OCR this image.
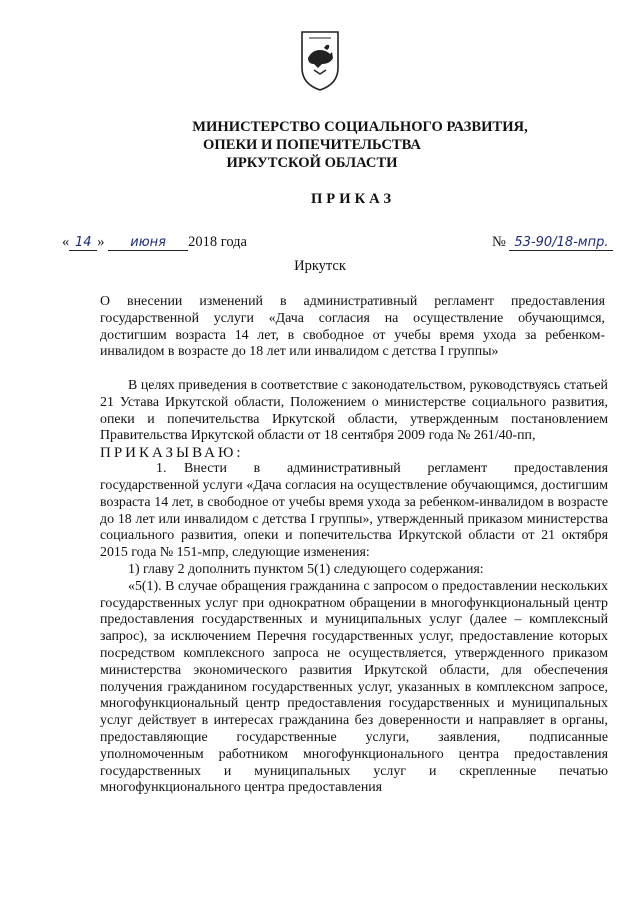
МИНИСТЕРСТВО СОЦИАЛЬНОГО РАЗВИТИЯ,
ОПЕКИ И ПОПЕЧИТЕЛЬСТВА
ИРКУТСКОЙ ОБЛАСТИ
ПРИКАЗ
« 14 » июня 2018 года	№ 53-90/18-мпр.
Иркутск
О внесении изменений в административный регламент предоставления государственной услуги «Дача согласия на осуществление обучающимся, достигшим возраста 14 лет, в свободное от учебы время ухода за ребенком-инвалидом в возрасте до 18 лет или инвалидом с детства I группы»

В целях приведения в соответствие с законодательством, руководствуясь статьей 21 Устава Иркутской области, Положением о министерстве социального развития, опеки и попечительства Иркутской области, утвержденным постановлением Правительства Иркутской области от 18 сентября 2009 года № 261/40-пп,

ПРИКАЗЫВАЮ:

1. Внести в административный регламент предоставления государственной услуги «Дача согласия на осуществление обучающимся, достигшим возраста 14 лет, в свободное от учебы время ухода за ребенком-инвалидом в возрасте до 18 лет или инвалидом с детства I группы», утвержденный приказом министерства социального развития, опеки и попечительства Иркутской области от 21 октября 2015 года № 151-мпр, следующие изменения:

1) главу 2 дополнить пунктом 5(1) следующего содержания:

«5(1). В случае обращения гражданина с запросом о предоставлении нескольких государственных услуг при однократном обращении в многофункциональный центр предоставления государственных и муниципальных услуг (далее – комплексный запрос), за исключением Перечня государственных услуг, предоставление которых посредством комплексного запроса не осуществляется, утвержденного приказом министерства экономического развития Иркутской области, для обеспечения получения гражданином государственных услуг, указанных в комплексном запросе, многофункциональный центр предоставления государственных и муниципальных услуг действует в интересах гражданина без доверенности и направляет в органы, предоставляющие государственные услуги, заявления, подписанные уполномоченным работником многофункционального центра предоставления государственных и муниципальных услуг и скрепленные печатью многофункционального центра предоставления
